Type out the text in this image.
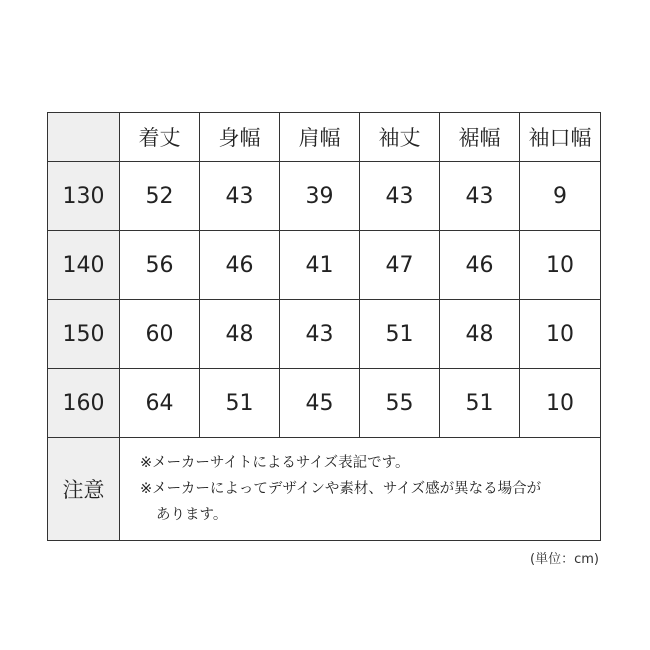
	着丈	身幅	肩幅	袖丈	裾幅	袖口幅
130	52	43	39	43	43	9
140	56	46	41	47	46	10
150	60	48	43	51	48	10
160	64	51	45	55	51	10
注意	※メーカーサイトによるサイズ表記です。
※メーカーによってデザインや素材、サイズ感が異なる場合が
あります。					
(単位：cm)
